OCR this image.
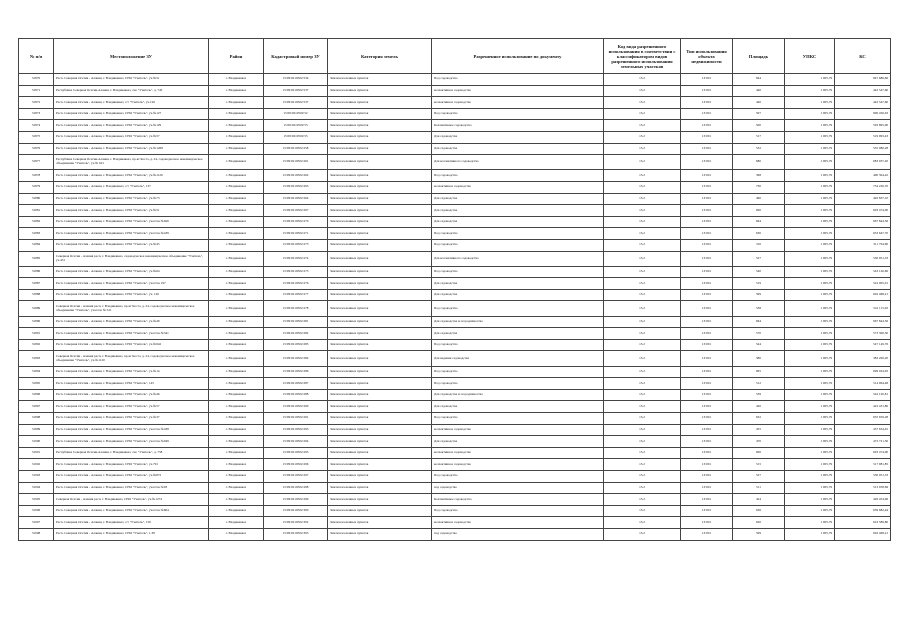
№ п/п	Местоположение ЗУ	Район	Кадастровый номер ЗУ	Категория земель	Разрешенное использование по документу	Код вида разрешенного использования в соответствии с классификатором видов разрешенного использования земельных участков	Тип использования объекта недвижимости	Площадь	УПКС	КС
31870	Респ. Северная Осетия - Алания, г. Владикавказ, СНО "Учитель", уч.№51	г. Владикавказ	15:09:0210502:534	Земли населенных пунктов	Под садоводство	13.2	13:001	844	1 005,79	847 686,66
31871	Республика Северная Осетия-Алания, г. Владикавказ, сно "Учитель", д. 743	г. Владикавказ	15:09:0210502:537	Земли населенных пунктов	коллективное садоводство	13.2	13:001	440	1 005,79	442 547,60
31872	Респ. Северная Осетия - Алания, г. Владикавказ, с/т "Учитель", уч.126	г. Владикавказ	15:09:0210502:537	Земли населенных пунктов	коллективное садоводство	13.2	13:001	440	1 005,79	442 547,60
31873	Респ. Северная Осетия - Алания, г. Владикавказ, СНО "Учитель", уч.№127	г. Владикавказ	15:09:0210502:52	Земли населенных пунктов	Под садоводство	13.2	13:001	597	1 005,79	600 456,63
31874	Респ. Северная Осетия - Алания, г. Владикавказ, СНО "Учитель", уч.№129	г. Владикавказ	15:09:0210502:53	Земли населенных пунктов	Коллективное садоводство	13.2	13:001	500	1 005,79	502 895,00
31875	Респ. Северная Осетия - Алания, г. Владикавказ, СНО "Учитель", уч.№57	г. Владикавказ	15:09:0210502:55	Земли населенных пунктов	Для садоводства	13.2	13:001	517	1 005,79	519 993,43
31876	Респ. Северная Осетия - Алания, г. Владикавказ, СНО "Учитель", уч.№1268	г. Владикавказ	15:09:0210502:258	Земли населенных пунктов	Для садоводства	13.2	13:001	532	1 005,79	535 080,28
31877	Республика Северная Осетия-Алания, г. Владикавказ, пр-кт Коста, д. 24, садоводческое некоммерческое объединение "Учитель", уч.№ 621	г. Владикавказ	15:09:0210502:261	Земли населенных пунктов	Для коллективного садоводства	13.2	13:001	680	1 005,79	683 937,20
31878	Респ. Северная Осетия - Алания, г. Владикавказ, СНО "Учитель", уч.№1126	г. Владикавказ	15:09:0210502:262	Земли населенных пунктов	Под садоводство	13.2	13:001	398	1 005,79	400 304,42
31879	Респ. Северная Осетия - Алания, г. Владикавказ, с/т "Учитель", 137	г. Владикавказ	15:09:0210502:263	Земли населенных пунктов	коллективное садоводство	13.2	13:001	730	1 005,79	734 226,70
31880	Респ. Северная Осетия - Алания, г. Владикавказ, СНО "Учитель", уч.№73	г. Владикавказ	15:09:0210502:264	Земли населенных пунктов	Для садоводства	13.2	13:001	490	1 005,79	492 837,10
31881	Респ. Северная Осетия - Алания, г. Владикавказ, СНО "Учитель", уч.№51	г. Владикавказ	15:09:0210502:267	Земли населенных пунктов	Для садоводства	13.2	13:001	600	1 005,79	603 474,00
31882	Респ. Северная Осетия - Алания, г. Владикавказ, СНО "Учитель", участок №926	г. Владикавказ	15:09:0210502:270	Земли населенных пунктов	Для садоводства	13.2	13:001	664	1 005,79	667 844,56
31883	Респ. Северная Осетия - Алания, г. Владикавказ, СНО "Учитель", участок №439	г. Владикавказ	15:09:0210502:271	Земли населенных пунктов	Под садоводство	13.2	13:001	630	1 005,79	633 647,70
31884	Респ. Северная Осетия - Алания, г. Владикавказ, СНО "Учитель", уч.№45	г. Владикавказ	15:09:0210502:273	Земли населенных пунктов	Под садоводство	13.2	13:001	310	1 005,79	311 794,90
31885	Северная Осетия - Алания респ, г. Владикавказ, садоводческое некоммерческое объединение "Учитель", уч.431	г. Владикавказ	15:09:0210502:274	Земли населенных пунктов	Для коллективного садоводства	13.2	13:001	527	1 005,79	530 051,33
31886	Респ. Северная Осетия - Алания, г. Владикавказ, СНО "Учитель", уч.№64	г. Владикавказ	15:09:0210502:275	Земли населенных пунктов	Под садоводство	13.2	13:001	540	1 005,79	543 126,60
31887	Респ. Северная Осетия - Алания, г. Владикавказ, СНО "Учитель", участок 197	г. Владикавказ	15:09:0210502:276	Земли населенных пунктов	Для садоводства	13.2	13:001	519	1 005,79	522 005,01
31888	Респ. Северная Осетия - Алания, г. Владикавказ, СНО "Учитель", уч. 126	г. Владикавказ	15:09:0210502:277	Земли населенных пунктов	Для садоводства	13.2	13:001	599	1 005,79	602 468,21
31889	Северная Осетия - Алания респ, г. Владикавказ, пр-кт Коста, д. 24, садоводческое некоммерческое объединение "Учитель", участок № 521	г. Владикавказ	15:09:0210502:278	Земли населенных пунктов	Под садоводство	13.2	13:001	538	1 005,79	541 115,02
31890	Респ. Северная Осетия - Алания, г. Владикавказ, СНО "Учитель", уч.№40	г. Владикавказ	15:09:0210502:281	Земли населенных пунктов	Для садоводства и огородничества	13.2	13:001	664	1 005,79	667 844,56
31891	Респ. Северная Осетия - Алания, г. Владикавказ, СНО "Учитель", участок №341	г. Владикавказ	15:09:0210502:282	Земли населенных пунктов	Для садоводства	13.2	13:001	570	1 005,79	573 300,30
31892	Респ. Северная Осетия - Алания, г. Владикавказ, СНО "Учитель", уч.№942	г. Владикавказ	15:09:0210502:283	Земли населенных пунктов	Под садоводство	13.2	13:001	544	1 005,79	547 149,76
31893	Северная Осетия - Алания респ, г. Владикавказ, пр-кт Коста, д. 24, садоводческое некоммерческое объединение "Учитель", уч.№1120	г. Владикавказ	15:09:0210502:284	Земли населенных пунктов	Для ведения садоводства	13.2	13:001	380	1 005,79	382 200,20
31894	Респ. Северная Осетия - Алания, г. Владикавказ, СНО "Учитель", уч.№14	г. Владикавказ	15:09:0210502:286	Земли населенных пунктов	Под садоводство	13.2	13:001	695	1 005,79	699 024,05
31895	Респ. Северная Осетия - Алания, г. Владикавказ, СНО "Учитель", 145	г. Владикавказ	15:09:0210502:287	Земли населенных пунктов	Под садоводство	13.2	13:001	512	1 005,79	514 964,48
31896	Респ. Северная Осетия - Алания, г. Владикавказ, СНО "Учитель", уч.№46	г. Владикавказ	15:09:0210502:288	Земли населенных пунктов	Для садоводства и огородничества	13.2	13:001	539	1 005,79	542 120,81
31897	Респ. Северная Осетия - Алания, г. Владикавказ, СНО "Учитель", уч.№57	г. Владикавказ	15:09:0210502:290	Земли населенных пунктов	Для садоводства	13.2	13:001	420	1 005,79	422 431,80
31898	Респ. Северная Осетия - Алания, г. Владикавказ, СНО "Учитель", уч.№37	г. Владикавказ	15:09:0210502:291	Земли населенных пунктов	Под садоводство	13.2	13:001	632	1 005,79	635 659,28
31899	Респ. Северная Осетия - Алания, г. Владикавказ, СНО "Учитель", участок №438	г. Владикавказ	15:09:0210502:293	Земли населенных пунктов	коллективное садоводство	13.2	13:001	455	1 005,79	457 634,45
31900	Респ. Северная Осетия - Алания, г. Владикавказ, СНО "Учитель", участок №949	г. Владикавказ	15:09:0210502:294	Земли населенных пунктов	Для садоводства	13.2	13:001	470	1 005,79	472 721,30
31901	Республика Северная Осетия-Алания, г. Владикавказ, сно "Учитель", д. 758	г. Владикавказ	15:09:0210502:295	Земли населенных пунктов	коллективное садоводство	13.2	13:001	600	1 005,79	603 474,00
31902	Респ. Северная Осетия - Алания, г. Владикавказ, СНО "Учитель", уч.791	г. Владикавказ	15:09:0210502:296	Земли населенных пунктов	коллективное садоводство	13.2	13:001	515	1 005,79	517 981,85
31903	Респ. Северная Осетия - Алания, г. Владикавказ, СНО "Учитель", уч.№872	г. Владикавказ	15:09:0210502:297	Земли населенных пунктов	Под садоводство	13.2	13:001	527	1 005,79	530 051,33
31904	Респ. Северная Осетия - Алания, г. Владикавказ, СНО "Учитель", участок №93	г. Владикавказ	15:09:0210502:298	Земли населенных пунктов	под садоводство	13.2	13:001	511	1 005,79	513 958,69
31905	Северная Осетия - Алания респ, г. Владикавказ, СНО "Учитель", уч.№1274	г. Владикавказ	15:09:0210502:299	Земли населенных пунктов	Коллективное садоводство	13.2	13:001	424	1 005,79	426 454,96
31906	Респ. Северная Осетия - Алания, г. Владикавказ, СНО "Учитель", участок №604	г. Владикавказ	15:09:0210502:300	Земли населенных пунктов	Под садоводство	13.2	13:001	636	1 005,79	639 682,44
31907	Респ. Северная Осетия - Алания, г. Владикавказ, с/т "Учитель", 156	г. Владикавказ	15:09:0210502:302	Земли населенных пунктов	коллективное садоводство	13.2	13:001	620	1 005,79	623 589,80
31908	Респ. Северная Осетия - Алания, г. Владикавказ, СНО "Учитель", 1.38	г. Владикавказ	15:09:0210502:303	Земли населенных пунктов	под садоводство	13.2	13:001	599	1 005,79	602 468,21
